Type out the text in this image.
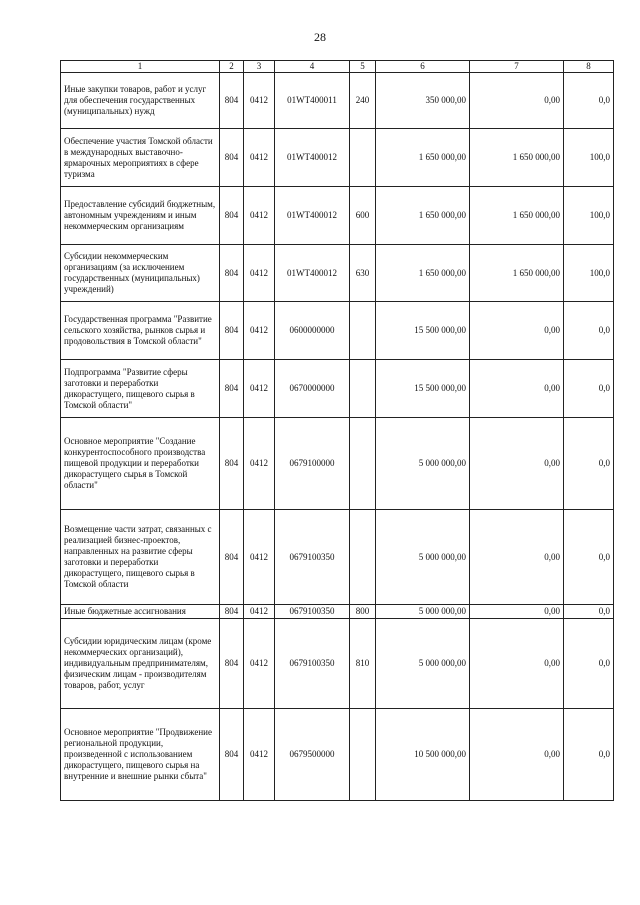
28
1	2	3	4	5	6	7	8
Иные закупки товаров, работ и услуг для обеспечения государственных (муниципальных) нужд	804	0412	01WT400011	240	350 000,00	0,00	0,0
Обеспечение участия Томской области в международных выставочно-ярмарочных мероприятиях в сфере туризма	804	0412	01WT400012		1 650 000,00	1 650 000,00	100,0
Предоставление субсидий бюджетным, автономным учреждениям и иным некоммерческим организациям	804	0412	01WT400012	600	1 650 000,00	1 650 000,00	100,0
Субсидии некоммерческим организациям (за исключением государственных (муниципальных) учреждений)	804	0412	01WT400012	630	1 650 000,00	1 650 000,00	100,0
Государственная программа "Развитие сельского хозяйства, рынков сырья и продовольствия в Томской области"	804	0412	0600000000		15 500 000,00	0,00	0,0
Подпрограмма "Развитие сферы заготовки и переработки дикорастущего, пищевого сырья в Томской области"	804	0412	0670000000		15 500 000,00	0,00	0,0
Основное мероприятие "Создание конкурентоспособного производства пищевой продукции и переработки дикорастущего сырья в Томской области"	804	0412	0679100000		5 000 000,00	0,00	0,0
Возмещение части затрат, связанных с реализацией бизнес-проектов, направленных на развитие сферы заготовки и переработки дикорастущего, пищевого сырья в Томской области	804	0412	0679100350		5 000 000,00	0,00	0,0
Иные бюджетные ассигнования	804	0412	0679100350	800	5 000 000,00	0,00	0,0
Субсидии юридическим лицам (кроме некоммерческих организаций), индивидуальным предпринимателям, физическим лицам - производителям товаров, работ, услуг	804	0412	0679100350	810	5 000 000,00	0,00	0,0
Основное мероприятие "Продвижение региональной продукции, произведенной с использованием дикорастущего, пищевого сырья на внутренние и внешние рынки сбыта"	804	0412	0679500000		10 500 000,00	0,00	0,0
